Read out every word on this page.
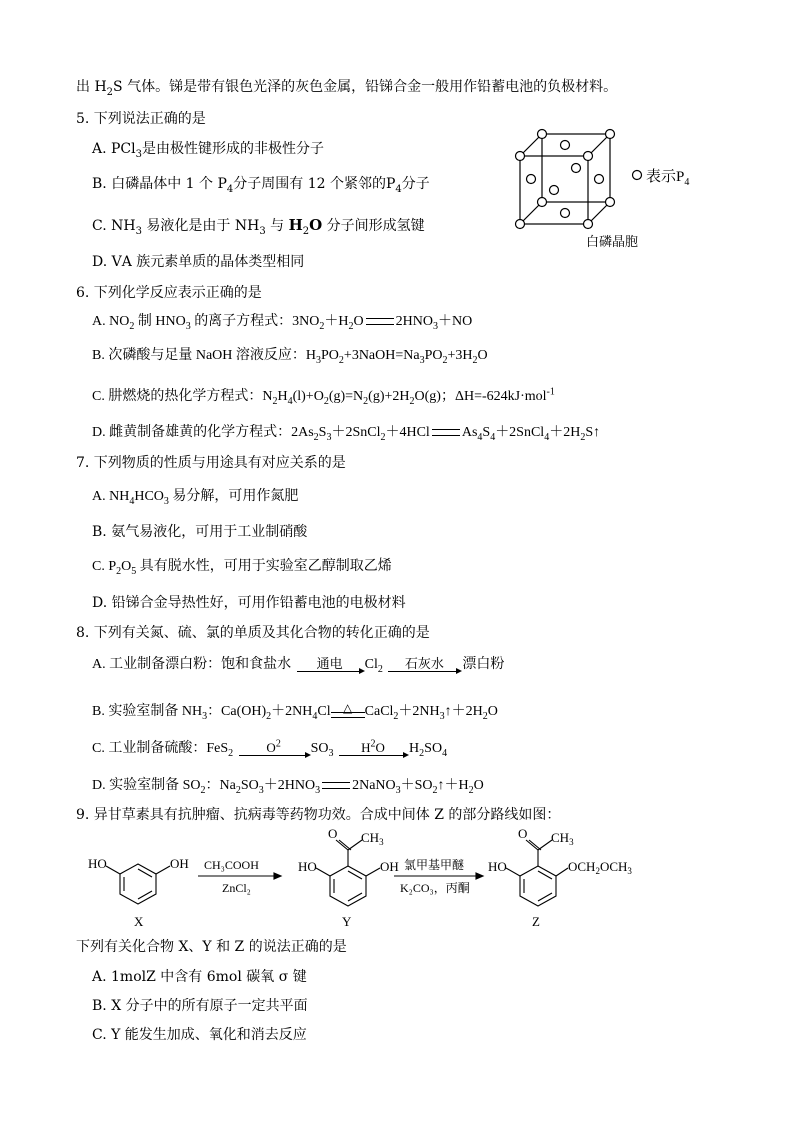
出 $H_2S$ 气体。锑是带有银色光泽的灰色金属，铅锑合金一般用作铅蓄电池的负极材料。
5. 下列说法正确的是
A. PCl$_3$是由极性键形成的非极性分子
B. 白磷晶体中 1 个 $P_4$分子周围有 12 个紧邻的$P_4$分子
C. $NH_3$ 易液化是由于 $NH_3$ 与 $H_2O$ 分子间形成氢键
D. ⅤA 族元素单质的晶体类型相同
表示$P_4$
白磷晶胞
6. 下列化学反应表示正确的是
A. $NO_2$ 制 $HNO_3$ 的离子方程式：$3NO_2+H_2O$ $2HNO_3+NO$
B. 次磷酸与足量 NaOH 溶液反应：$H_3PO_2+3NaOH=Na_3PO_2+3H_2O$
C. 肼燃烧的热化学方程式：$N_2H_4(l)+O_2(g)=N_2(g)+2H_2O(g)$；ΔH=-624kJ·mol$^{-1}$
D. 雌黄制备雄黄的化学方程式：$2As_2S_3+2SnCl_2+4HCl$ $As_4S_4+2SnCl_4+2H_2S↑$
7. 下列物质的性质与用途具有对应关系的是
A. $NH_4HCO_3$ 易分解，可用作氮肥
B. 氨气易液化，可用于工业制硝酸
C. $P_2O_5$ 具有脱水性，可用于实验室乙醇制取乙烯
D. 铅锑合金导热性好，可用作铅蓄电池的电极材料
8. 下列有关氮、硫、氯的单质及其化合物的转化正确的是
A. 工业制备漂白粉：饱和食盐水	通电	$Cl_2$	石灰水	漂白粉
B. 实验室制备 $NH_3$：$Ca(OH)_2+2NH_4Cl$	△ $CaCl_2+2NH_3↑+2H_2O$
C. 工业制备硫酸：FeS$_2$	$O^2$	$SO_3$	$H^2O$	$H_2SO_4$
D. 实验室制备 $SO_2$：$Na_2SO_3+2HNO_3$ $2NaNO_3+SO_2↑+H_2O$
9. 异甘草素具有抗肿瘤、抗病毒等药物功效。合成中间体 Z 的部分路线如图：
HO	OH
X
CH₃COOH
ZnCl₂
HO	OH
O $CH_3$
Y
氯甲基甲醚
K₂CO₃，丙酮
HO
O $CH_3$
$OCH_2OCH_3$
Z
下列有关化合物 X、Y 和 Z 的说法正确的是
A. 1molZ 中含有 6mol 碳氧 σ 键
B. X 分子中的所有原子一定共平面
C. Y 能发生加成、氧化和消去反应
